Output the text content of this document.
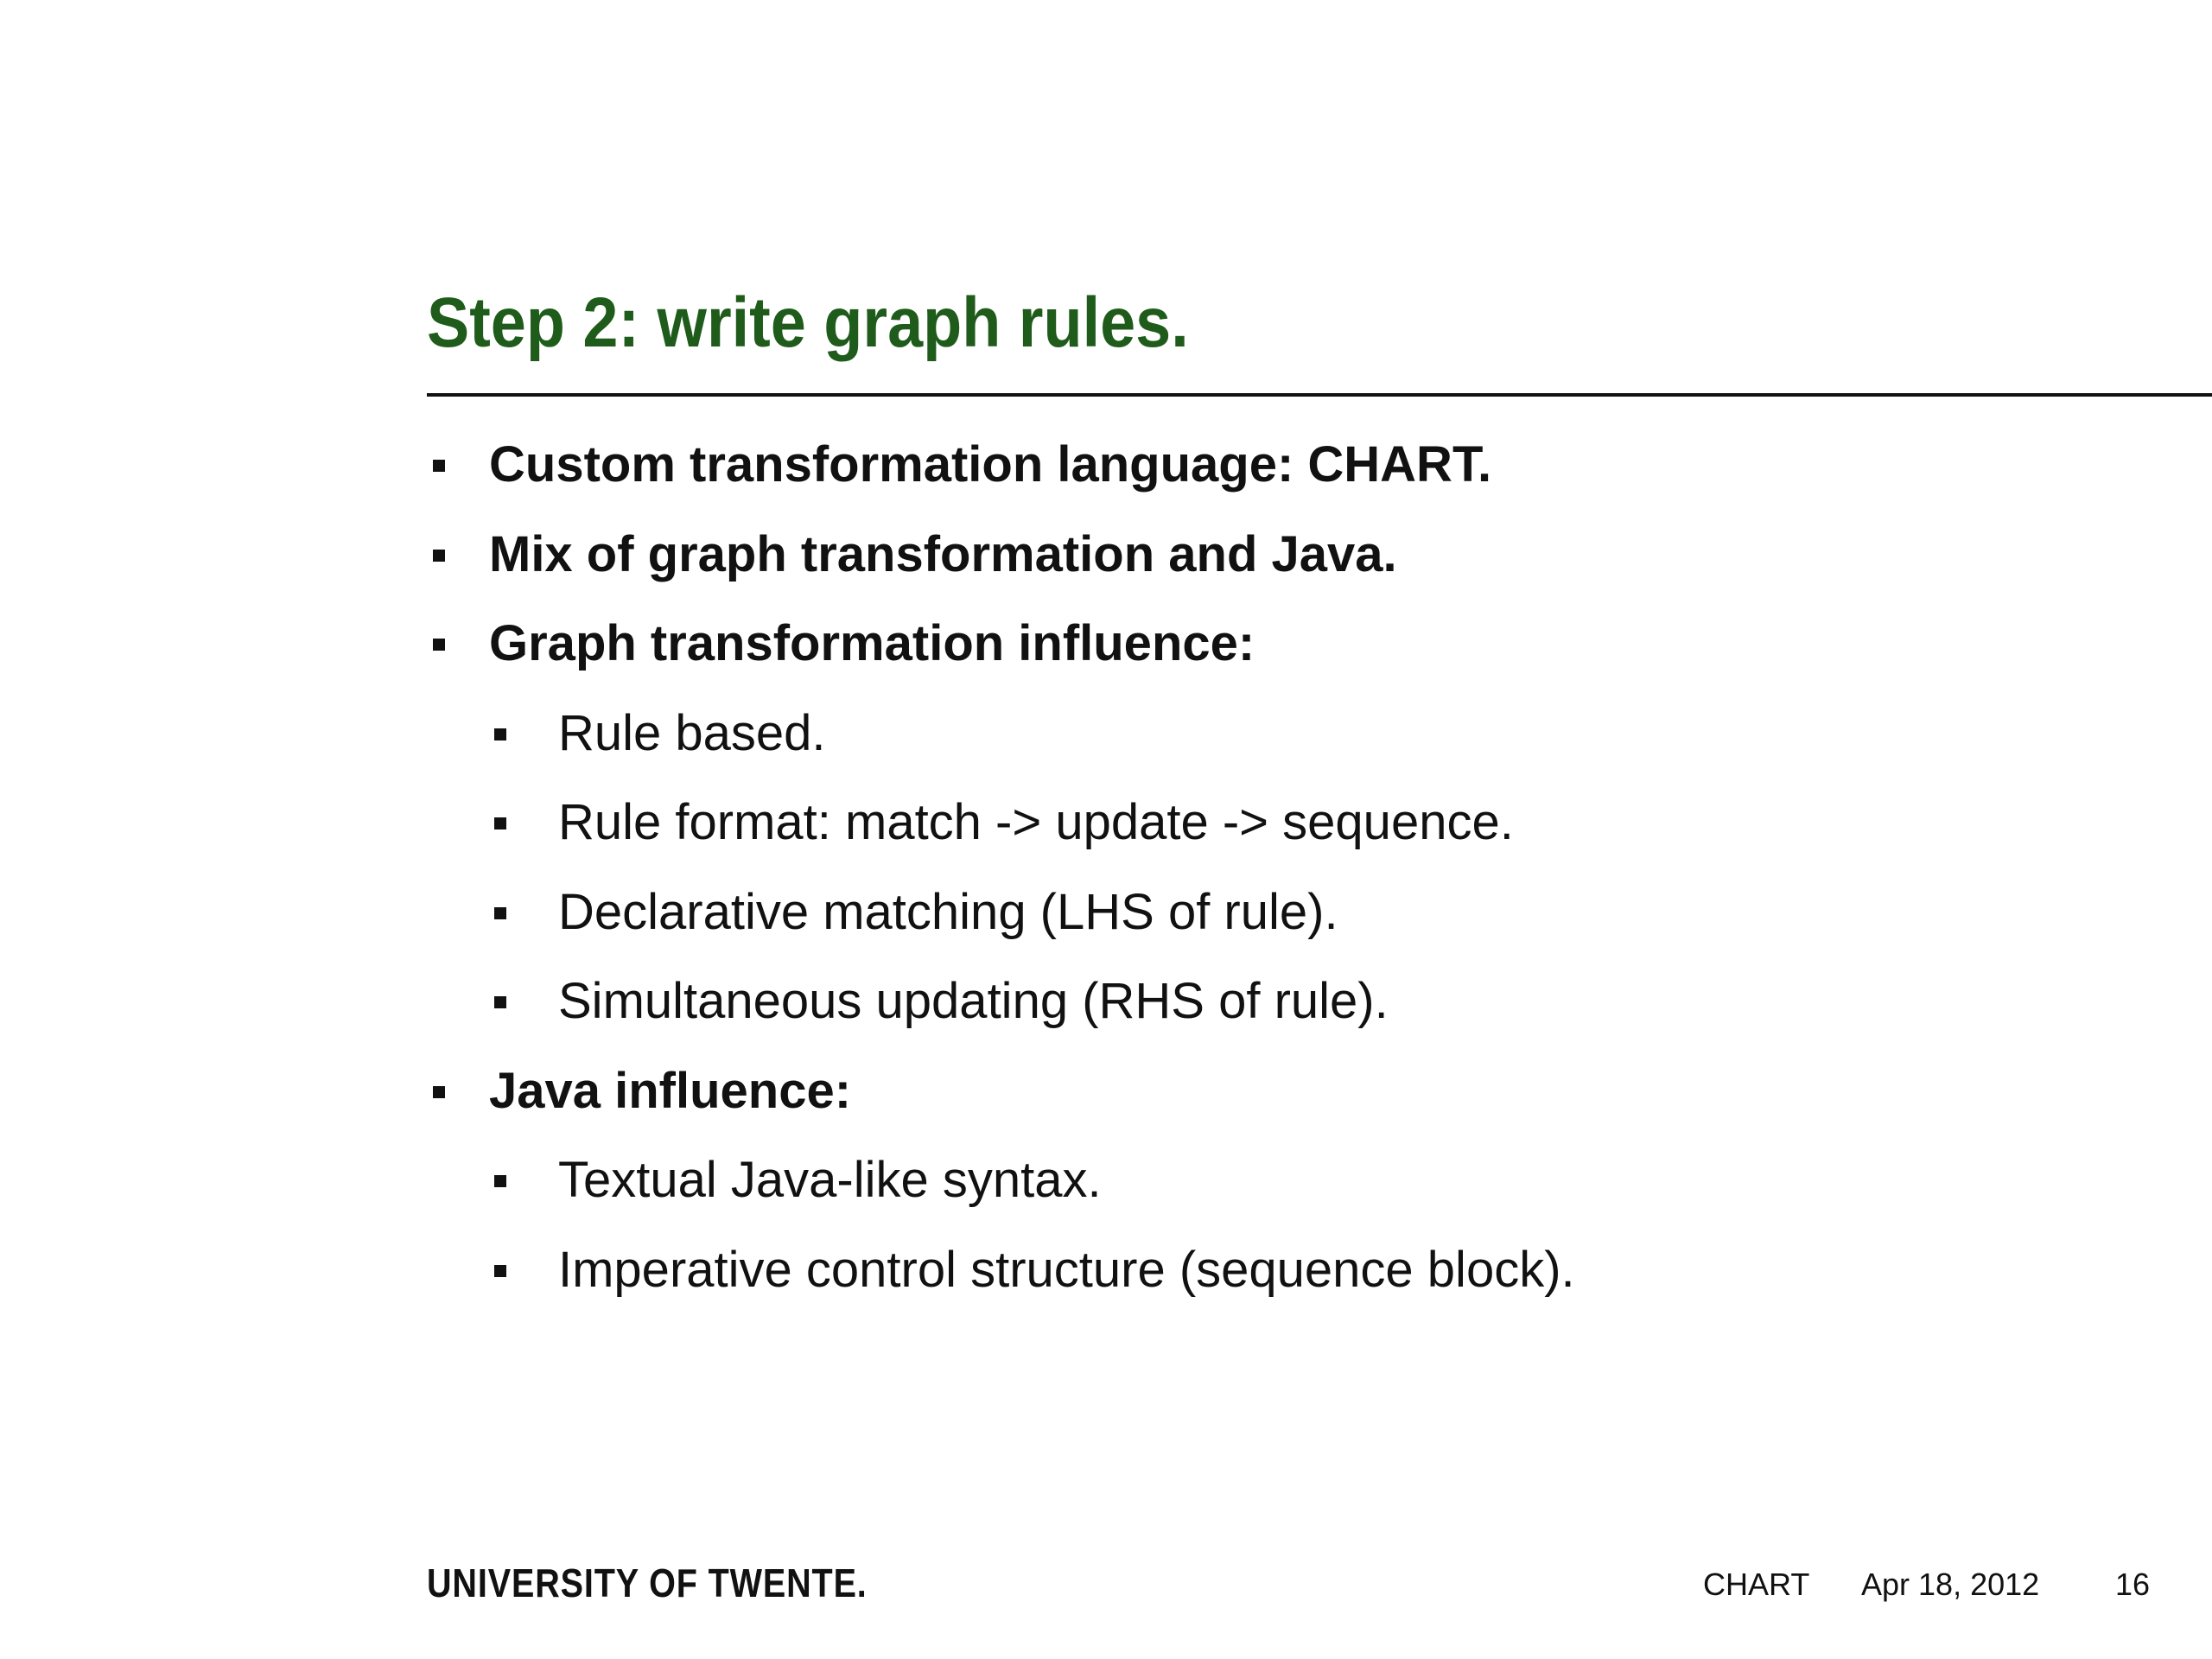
Step 2: write graph rules.
Custom transformation language: CHART.
Mix of graph transformation and Java.
Graph transformation influence:
Rule based.
Rule format: match -> update -> sequence.
Declarative matching (LHS of rule).
Simultaneous updating (RHS of rule).
Java influence:
Textual Java-like syntax.
Imperative control structure (sequence block).
UNIVERSITY OF TWENTE.	CHART Apr 18, 2012 16
